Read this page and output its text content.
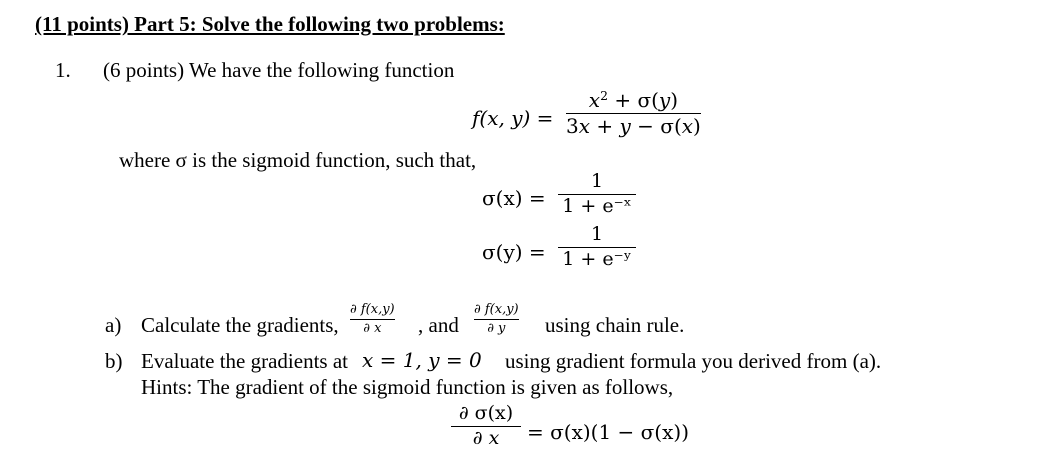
(11 points) Part 5: Solve the following two problems:
1. (6 points) We have the following function
f(x, y) =
$x^2 + \sigma(y)$
3x + y − σ(x)
where σ is the sigmoid function, such that,
σ(x) =
1
1 + e⁻ˣ
σ(y) =
1
1 + e⁻ʸ
a) Calculate the gradients,
∂ f(x,y)
∂ x , and
∂ f(x,y)
∂ y using chain rule.
b) Evaluate the gradients at x = 1, y = 0 using gradient formula you derived from (a).
Hints: The gradient of the sigmoid function is given as follows,
∂ σ(x)
∂ x = σ(x)(1 − σ(x))
